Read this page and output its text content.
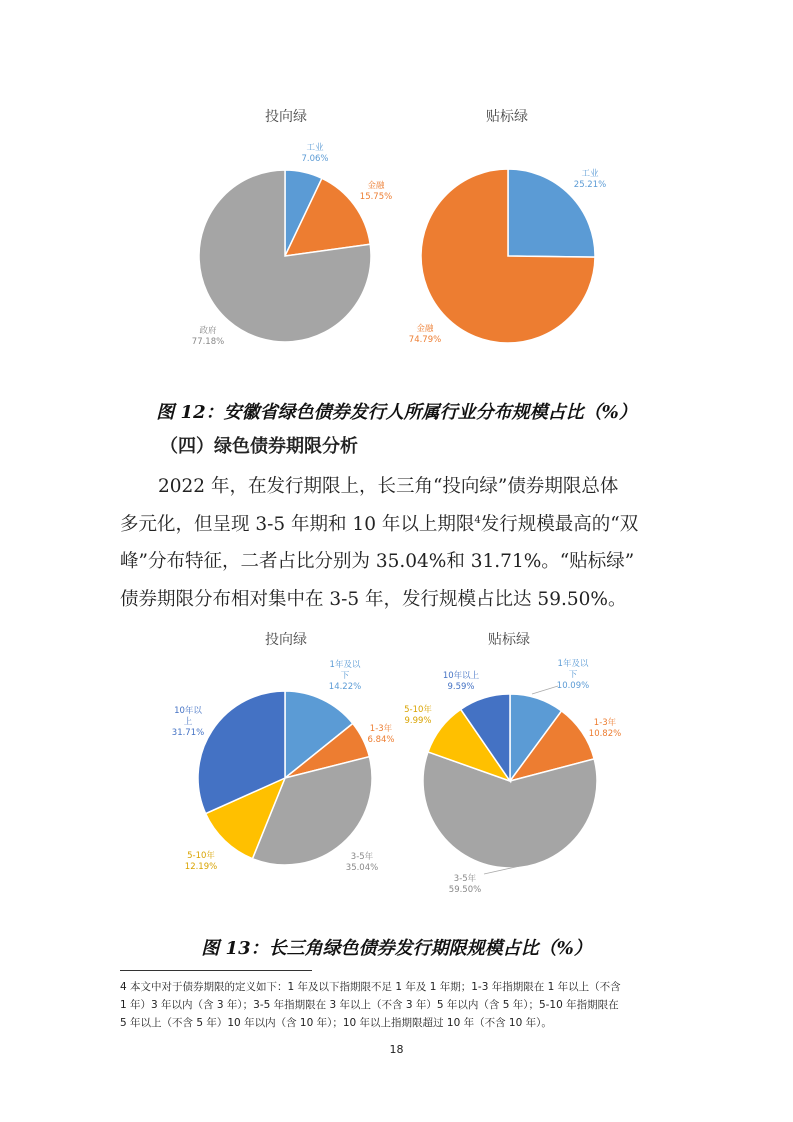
投向绿	贴标绿
工业
7.06%
金融
15.75%
政府
77.18%
工业
25.21%
金融
74.79%
1年及以
下
14.22%
1-3年
6.84%
3-5年
35.04%
5-10年
12.19%
10年以
上
31.71%
1年及以
下
10.09%
1-3年
10.82%
3-5年
59.50%
5-10年
9.99%
10年以上
9.59%
图 12：安徽省绿色债券发行人所属行业分布规模占比（%）
（四）绿色债券期限分析
2022 年，在发行期限上，长三角“投向绿”债券期限总体
多元化，但呈现 3-5 年期和 10 年以上期限$^4$发行规模最高的“双
峰”分布特征，二者占比分别为 35.04%和 31.71%。“贴标绿”
债券期限分布相对集中在 3-5 年，发行规模占比达 59.50%。
投向绿	贴标绿
图 13：长三角绿色债券发行期限规模占比（%）
4 本文中对于债券期限的定义如下：1 年及以下指期限不足 1 年及 1 年期；1-3 年指期限在 1 年以上（不含
1 年）3 年以内（含 3 年）；3-5 年指期限在 3 年以上（不含 3 年）5 年以内（含 5 年）；5-10 年指期限在
5 年以上（不含 5 年）10 年以内（含 10 年）；10 年以上指期限超过 10 年（不含 10 年）。
18
